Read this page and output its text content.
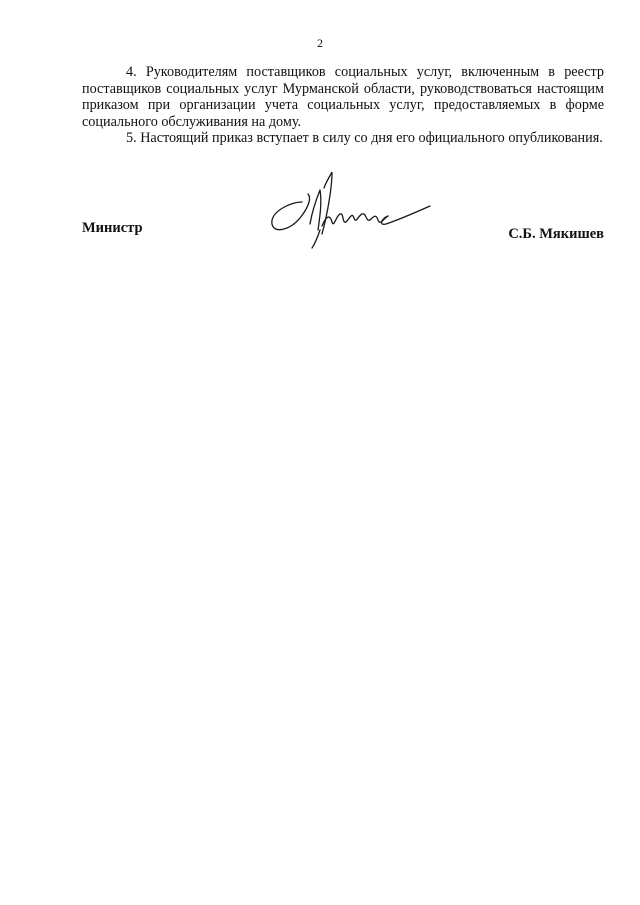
2

4. Руководителям поставщиков социальных услуг, включенным в реестр поставщиков социальных услуг Мурманской области, руководствоваться настоящим приказом при организации учета социальных услуг, предоставляемых в форме социального обслуживания на дому.

5. Настоящий приказ вступает в силу со дня его официального опубликования.

Министр	С.Б. Мякишев
